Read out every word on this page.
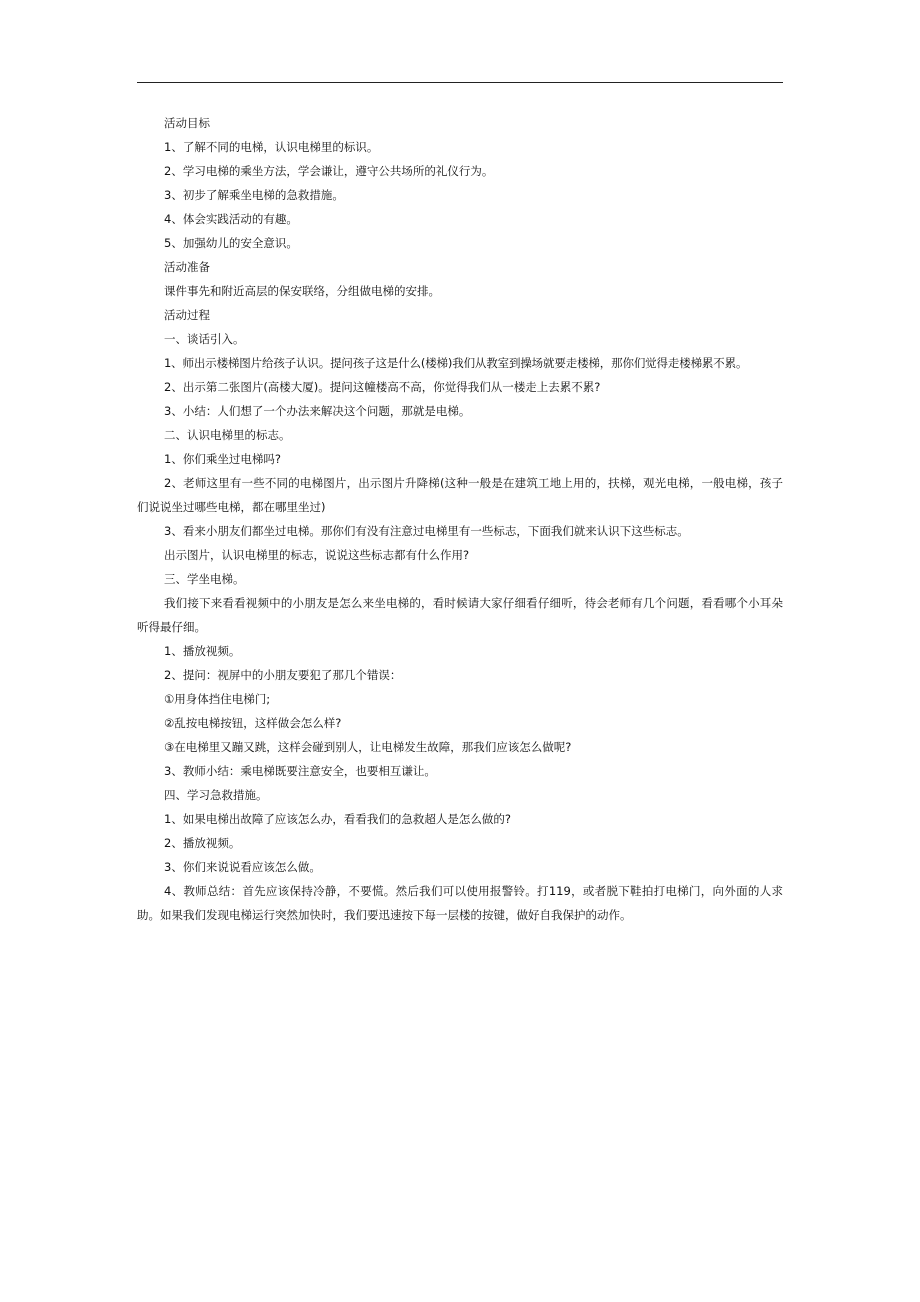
活动目标
1、了解不同的电梯，认识电梯里的标识。
2、学习电梯的乘坐方法，学会谦让，遵守公共场所的礼仪行为。
3、初步了解乘坐电梯的急救措施。
4、体会实践活动的有趣。
5、加强幼儿的安全意识。
活动准备
课件事先和附近高层的保安联络，分组做电梯的安排。
活动过程
一、谈话引入。
1、师出示楼梯图片给孩子认识。提问孩子这是什么(楼梯)我们从教室到操场就要走楼梯，那你们觉得走楼梯累不累。
2、出示第二张图片(高楼大厦)。提问这幢楼高不高，你觉得我们从一楼走上去累不累?
3、小结：人们想了一个办法来解决这个问题，那就是电梯。
二、认识电梯里的标志。
1、你们乘坐过电梯吗?
2、老师这里有一些不同的电梯图片，出示图片升降梯(这种一般是在建筑工地上用的，扶梯，观光电梯，一般电梯，孩子们说说坐过哪些电梯，都在哪里坐过)
3、看来小朋友们都坐过电梯。那你们有没有注意过电梯里有一些标志，下面我们就来认识下这些标志。
出示图片，认识电梯里的标志，说说这些标志都有什么作用?
三、学坐电梯。
我们接下来看看视频中的小朋友是怎么来坐电梯的，看时候请大家仔细看仔细听，待会老师有几个问题，看看哪个小耳朵听得最仔细。
1、播放视频。
2、提问：视屏中的小朋友要犯了那几个错误：
①用身体挡住电梯门;
②乱按电梯按钮，这样做会怎么样?
③在电梯里又蹦又跳，这样会碰到别人，让电梯发生故障，那我们应该怎么做呢?
3、教师小结：乘电梯既要注意安全，也要相互谦让。
四、学习急救措施。
1、如果电梯出故障了应该怎么办，看看我们的急救超人是怎么做的?
2、播放视频。
3、你们来说说看应该怎么做。
4、教师总结：首先应该保持冷静，不要慌。然后我们可以使用报警铃。打119，或者脱下鞋拍打电梯门，向外面的人求助。如果我们发现电梯运行突然加快时，我们要迅速按下每一层楼的按键，做好自我保护的动作。
